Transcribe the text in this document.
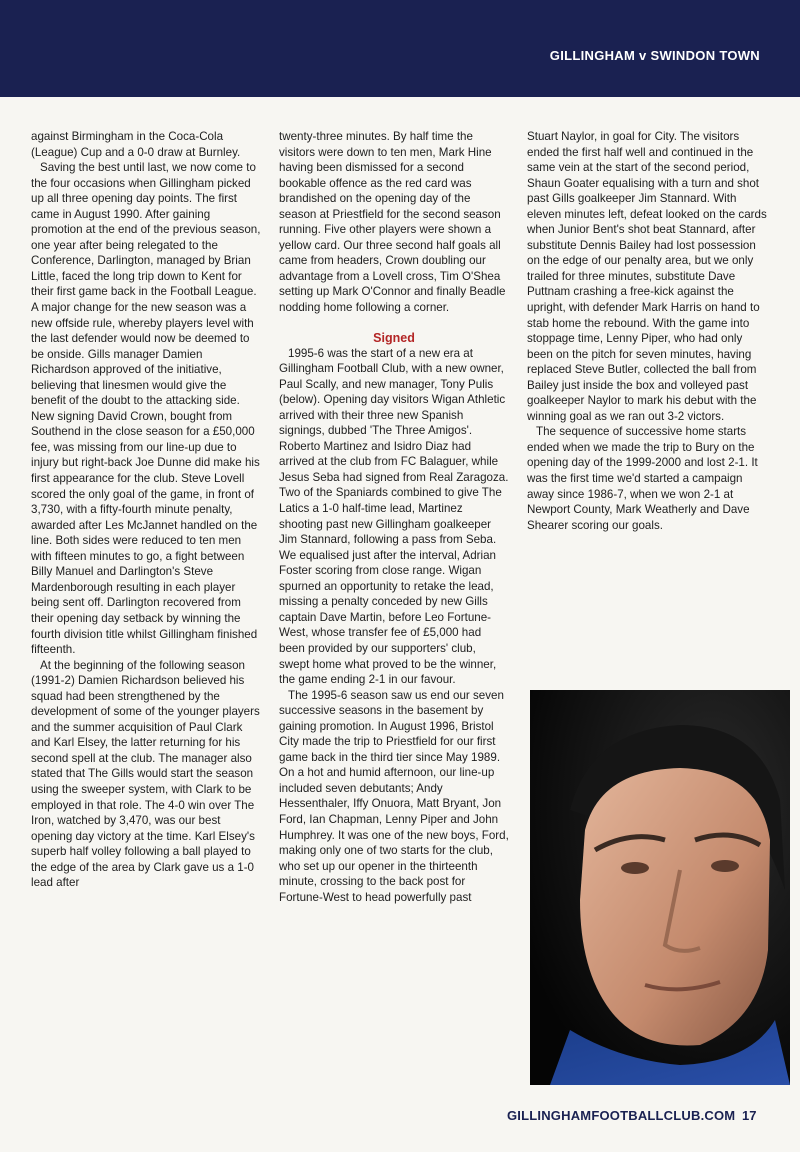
GILLINGHAM v SWINDON TOWN

against Birmingham in the Coca-Cola (League) Cup and a 0-0 draw at Burnley.

Saving the best until last, we now come to the four occasions when Gillingham picked up all three opening day points. The first came in August 1990. After gaining promotion at the end of the previous season, one year after being relegated to the Conference, Darlington, managed by Brian Little, faced the long trip down to Kent for their first game back in the Football League. A major change for the new season was a new offside rule, whereby players level with the last defender would now be deemed to be onside. Gills manager Damien Richardson approved of the initiative, believing that linesmen would give the benefit of the doubt to the attacking side. New signing David Crown, bought from Southend in the close season for a £50,000 fee, was missing from our line-up due to injury but right-back Joe Dunne did make his first appearance for the club. Steve Lovell scored the only goal of the game, in front of 3,730, with a fifty-fourth minute penalty, awarded after Les McJannet handled on the line. Both sides were reduced to ten men with fifteen minutes to go, a fight between Billy Manuel and Darlington's Steve Mardenborough resulting in each player being sent off. Darlington recovered from their opening day setback by winning the fourth division title whilst Gillingham finished fifteenth.

At the beginning of the following season (1991-2) Damien Richardson believed his squad had been strengthened by the development of some of the younger players and the summer acquisition of Paul Clark and Karl Elsey, the latter returning for his second spell at the club. The manager also stated that The Gills would start the season using the sweeper system, with Clark to be employed in that role. The 4-0 win over The Iron, watched by 3,470, was our best opening day victory at the time. Karl Elsey's superb half volley following a ball played to the edge of the area by Clark gave us a 1-0 lead after

twenty-three minutes. By half time the visitors were down to ten men, Mark Hine having been dismissed for a second bookable offence as the red card was brandished on the opening day of the season at Priestfield for the second season running. Five other players were shown a yellow card. Our three second half goals all came from headers, Crown doubling our advantage from a Lovell cross, Tim O'Shea setting up Mark O'Connor and finally Beadle nodding home following a corner.

Signed

1995-6 was the start of a new era at Gillingham Football Club, with a new owner, Paul Scally, and new manager, Tony Pulis (below). Opening day visitors Wigan Athletic arrived with their three new Spanish signings, dubbed 'The Three Amigos'. Roberto Martinez and Isidro Diaz had arrived at the club from FC Balaguer, while Jesus Seba had signed from Real Zaragoza. Two of the Spaniards combined to give The Latics a 1-0 half-time lead, Martinez shooting past new Gillingham goalkeeper Jim Stannard, following a pass from Seba. We equalised just after the interval, Adrian Foster scoring from close range. Wigan spurned an opportunity to retake the lead, missing a penalty conceded by new Gills captain Dave Martin, before Leo Fortune-West, whose transfer fee of £5,000 had been provided by our supporters' club, swept home what proved to be the winner, the game ending 2-1 in our favour.

The 1995-6 season saw us end our seven successive seasons in the basement by gaining promotion. In August 1996, Bristol City made the trip to Priestfield for our first game back in the third tier since May 1989. On a hot and humid afternoon, our line-up included seven debutants; Andy Hessenthaler, Iffy Onuora, Matt Bryant, Jon Ford, Ian Chapman, Lenny Piper and John Humphrey. It was one of the new boys, Ford, making only one of two starts for the club, who set up our opener in the thirteenth minute, crossing to the back post for Fortune-West to head powerfully past

Stuart Naylor, in goal for City. The visitors ended the first half well and continued in the same vein at the start of the second period, Shaun Goater equalising with a turn and shot past Gills goalkeeper Jim Stannard. With eleven minutes left, defeat looked on the cards when Junior Bent's shot beat Stannard, after substitute Dennis Bailey had lost possession on the edge of our penalty area, but we only trailed for three minutes, substitute Dave Puttnam crashing a free-kick against the upright, with defender Mark Harris on hand to stab home the rebound. With the game into stoppage time, Lenny Piper, who had only been on the pitch for seven minutes, having replaced Steve Butler, collected the ball from Bailey just inside the box and volleyed past goalkeeper Naylor to mark his debut with the winning goal as we ran out 3-2 victors.

The sequence of successive home starts ended when we made the trip to Bury on the opening day of the 1999-2000 and lost 2-1. It was the first time we'd started a campaign away since 1986-7, when we won 2-1 at Newport County, Mark Weatherly and Dave Shearer scoring our goals.

GILLINGHAMFOOTBALLCLUB.COM 17
